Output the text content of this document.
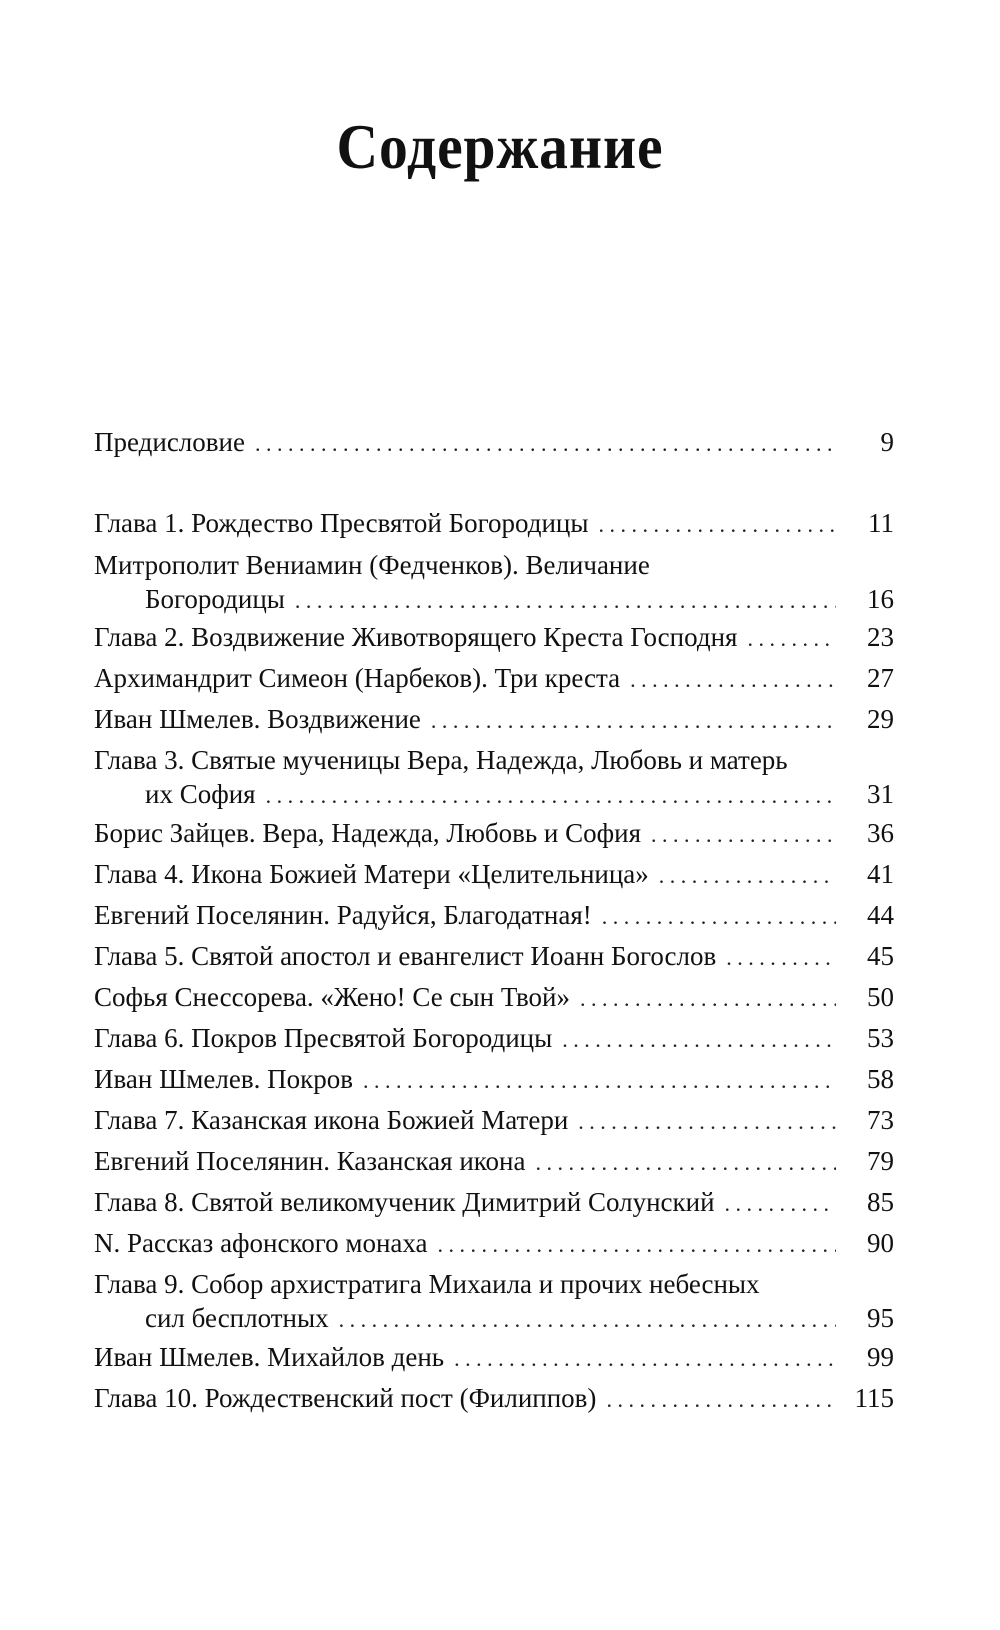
Содержание
Предисловие . . .	9
Глава 1. Рождество Пресвятой Богородицы . . .	11
Митрополит Вениамин (Федченков). Величание
Богородицы . . .	16
Глава 2. Воздвижение Животворящего Креста Господня . . .	23
Архимандрит Симеон (Нарбеков). Три креста . . .	27
Иван Шмелев. Воздвижение . . .	29
Глава 3. Святые мученицы Вера, Надежда, Любовь и матерь
их София . . .	31
Борис Зайцев. Вера, Надежда, Любовь и София . . .	36
Глава 4. Икона Божией Матери «Целительница» . . .	41
Евгений Поселянин. Радуйся, Благодатная! . . .	44
Глава 5. Святой апостол и евангелист Иоанн Богослов . . .	45
Софья Снессорева. «Жено! Се сын Твой» . . .	50
Глава 6. Покров Пресвятой Богородицы . . .	53
Иван Шмелев. Покров . . .	58
Глава 7. Казанская икона Божией Матери . . .	73
Евгений Поселянин. Казанская икона . . .	79
Глава 8. Святой великомученик Димитрий Солунский . . .	85
N. Рассказ афонского монаха . . .	90
Глава 9. Собор архистратига Михаила и прочих небесных
сил бесплотных . . .	95
Иван Шмелев. Михайлов день . . .	99
Глава 10. Рождественский пост (Филиппов) . . .	115
